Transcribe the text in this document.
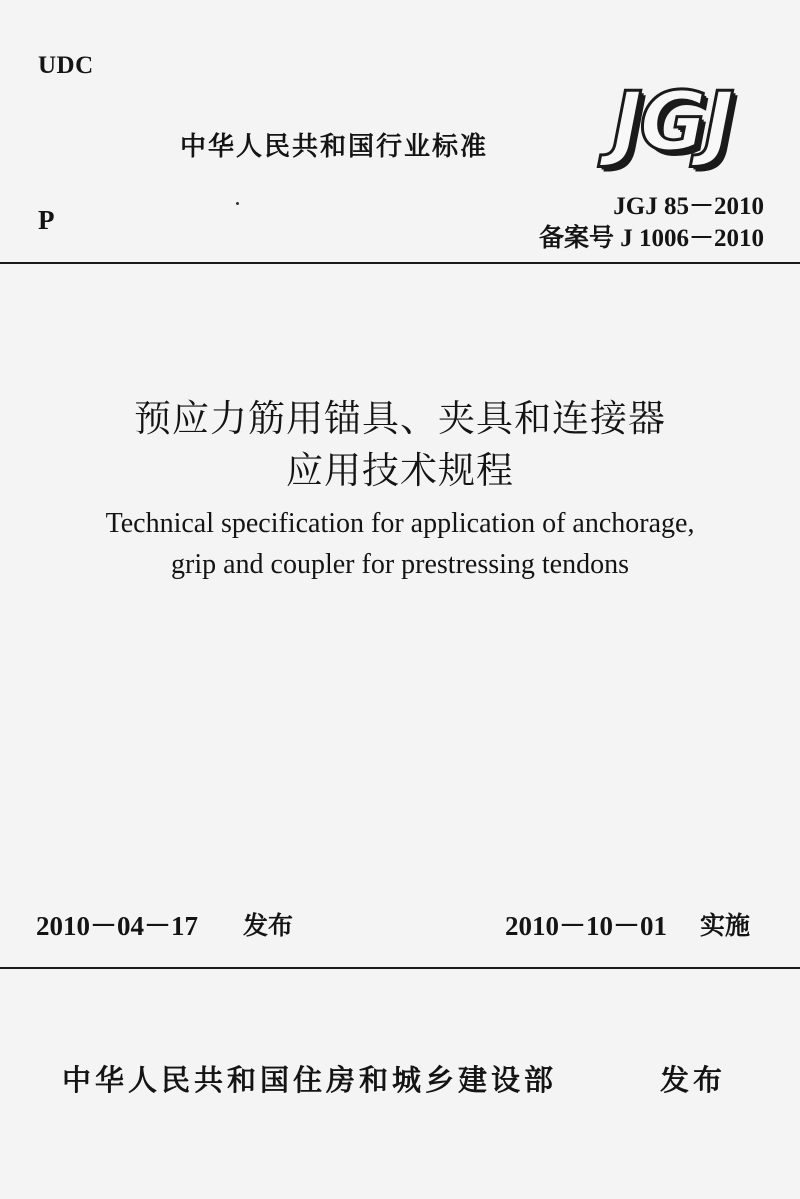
UDC
中华人民共和国行业标准 JGJ
P	JGJ 85－2010
备案号 J 1006－2010
预应力筋用锚具、夹具和连接器
应用技术规程
Technical specification for application of anchorage,
grip and coupler for prestressing tendons
2010－04－17 发布	2010－10－01 实施
中华人民共和国住房和城乡建设部	发布
